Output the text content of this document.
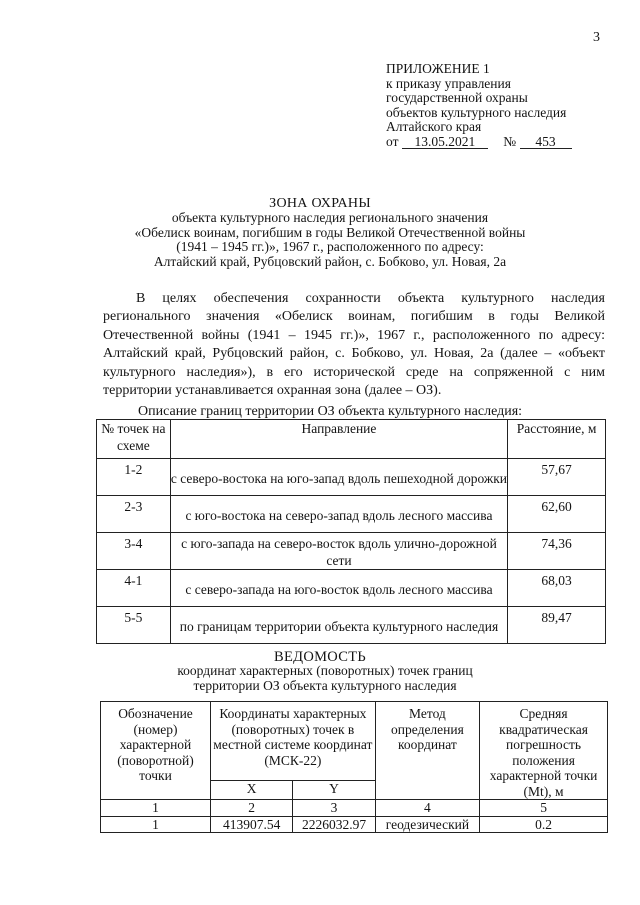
3
ПРИЛОЖЕНИЕ 1
к приказу управления
государственной охраны
объектов культурного наследия
Алтайского края
от 13.05.2021 № 453
ЗОНА ОХРАНЫ
объекта культурного наследия регионального значения
«Обелиск воинам, погибшим в годы Великой Отечественной войны
(1941 – 1945 гг.)», 1967 г., расположенного по адресу:
Алтайский край, Рубцовский район, с. Бобково, ул. Новая, 2а
В целях обеспечения сохранности объекта культурного наследия регионального значения «Обелиск воинам, погибшим в годы Великой Отечественной войны (1941 – 1945 гг.)», 1967 г., расположенного по адресу: Алтайский край, Рубцовский район, с. Бобково, ул. Новая, 2а (далее – «объект культурного наследия»), в его исторической среде на сопряженной с ним территории устанавливается охранная зона (далее – ОЗ).
Описание границ территории ОЗ объекта культурного наследия:
№ точек на схеме	Направление	Расстояние, м
1-2	с северо-востока на юго-запад вдоль пешеходной дорожки	57,67
2-3	с юго-востока на северо-запад вдоль лесного массива	62,60
3-4	с юго-запада на северо-восток вдоль улично-дорожной сети	74,36
4-1	с северо-запада на юго-восток вдоль лесного массива	68,03
5-5	по границам территории объекта культурного наследия	89,47
ВЕДОМОСТЬ
координат характерных (поворотных) точек границ
территории ОЗ объекта культурного наследия
Обозначение (номер) характерной (поворотной) точки	Координаты характерных (поворотных) точек в местной системе координат (МСК-22)		Метод определения координат	Средняя квадратическая погрешность положения характерной точки (Mt), м
	X	Y		
1	2	3	4	5
1	413907.54	2226032.97	геодезический	0.2
